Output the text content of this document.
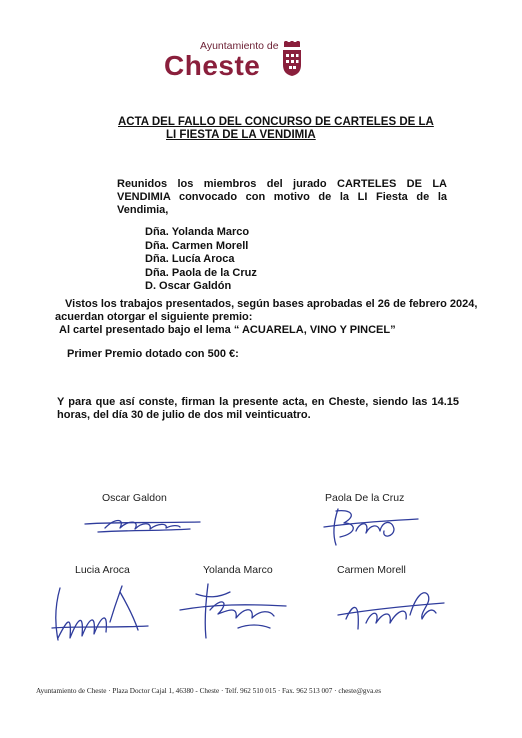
Ayuntamiento de
Cheste
ACTA DEL FALLO DEL CONCURSO DE CARTELES DE LA
LI FIESTA DE LA VENDIMIA
Reunidos los miembros del jurado CARTELES DE LA VENDIMIA convocado con motivo de la LI Fiesta de la Vendimia,
Dña. Yolanda Marco
Dña. Carmen Morell
Dña. Lucía Aroca
Dña. Paola de la Cruz
D. Oscar Galdón
Vistos los trabajos presentados, según bases aprobadas el 26 de febrero 2024,
acuerdan otorgar el siguiente premio:
Al cartel presentado bajo el lema “ ACUARELA, VINO Y PINCEL”
Primer Premio dotado con 500 €:
Y para que así conste, firman la presente acta, en Cheste, siendo las 14.15 horas, del día 30 de julio de dos mil veinticuatro.
Oscar Galdon	Paola De la Cruz
Lucia Aroca	Yolanda Marco	Carmen Morell
Ayuntamiento de Cheste · Plaza Doctor Cajal 1, 46380 - Cheste · Telf. 962 510 015 · Fax. 962 513 007 · cheste@gva.es
